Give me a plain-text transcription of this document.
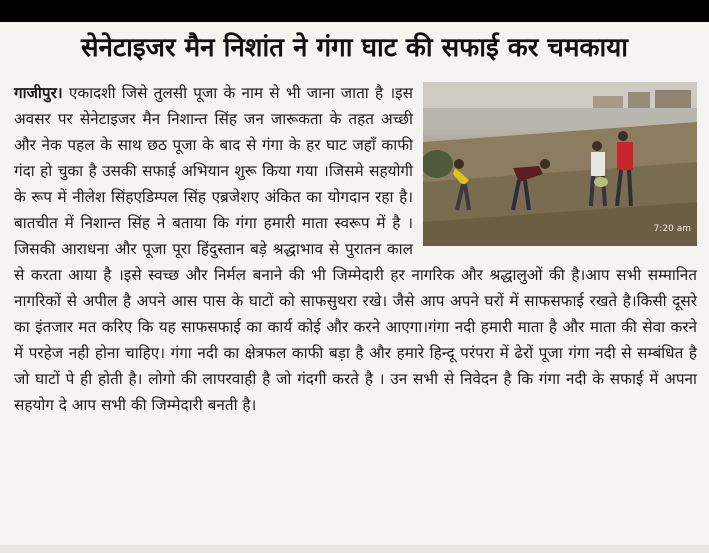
सेनेटाइजर मैन निशांत ने गंगा घाट की सफाई कर चमकाया
7:20 am
गाजीपुर। एकादशी जिसे तुलसी पूजा के नाम से भी जाना जाता है ।इस अवसर पर सेनेटाइजर मैन निशान्त सिंह जन जारूकता के तहत अच्छी और नेक पहल के साथ छठ पूजा के बाद से गंगा के हर घाट जहाँ काफी गंदा हो चुका है उसकी सफाई अभियान शुरू किया गया ।जिसमे सहयोगी के रूप में नीलेश सिंहएडिम्पल सिंह एब्रजेशए अंकित का योगदान रहा है।बातचीत में निशान्त सिंह ने बताया कि गंगा हमारी माता स्वरूप में है । जिसकी आराधना और पूजा पूरा हिंदुस्तान बड़े श्रद्धाभाव से पुरातन काल से करता आया है ।इसे स्वच्छ और निर्मल बनाने की भी जिम्मेदारी हर नागरिक और श्रद्धालुओं की है।आप सभी सम्मानित नागरिकों से अपील है अपने आस पास के घाटों को साफसुथरा रखे। जैसे आप अपने घरों में साफसफाई रखते है।किसी दूसरे का इंतजार मत करिए कि यह साफसफाई का कार्य कोई और करने आएगा।गंगा नदी हमारी माता है और माता की सेवा करने में परहेज नही होना चाहिए। गंगा नदी का क्षेत्रफल काफी बड़ा है और हमारे हिन्दू परंपरा में ढेरों पूजा गंगा नदी से सम्बंधित है जो घाटों पे ही होती है। लोगो की लापरवाही है जो गंदगी करते है । उन सभी से निवेदन है कि गंगा नदी के सफाई में अपना सहयोग दे आप सभी की जिम्मेदारी बनती है।
